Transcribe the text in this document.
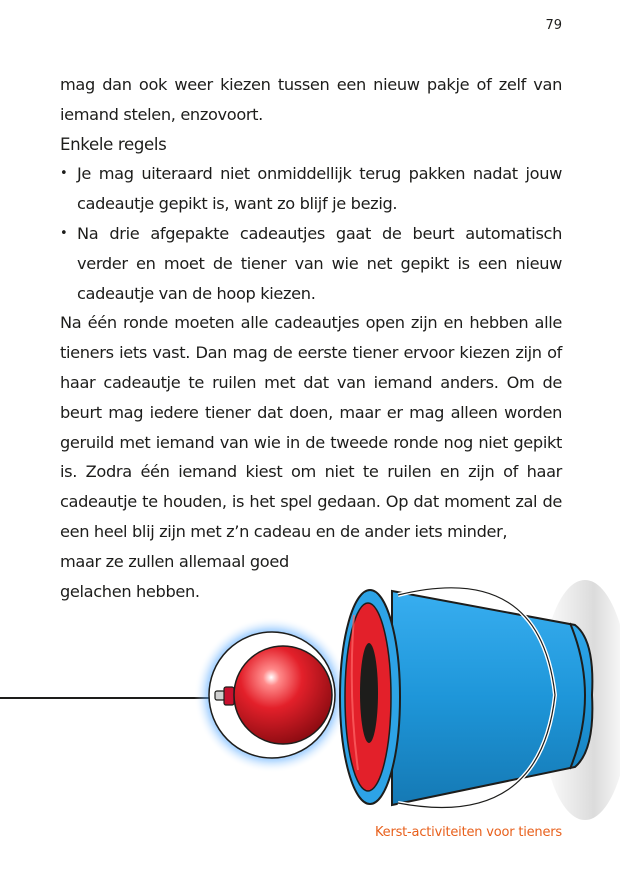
79

mag dan ook weer kiezen tussen een nieuw pakje of zelf van iemand stelen, enzovoort.

Enkele regels

• Je mag uiteraard niet onmiddellijk terug pakken nadat jouw cadeautje gepikt is, want zo blijf je bezig.
• Na drie afgepakte cadeautjes gaat de beurt automatisch verder en moet de tiener van wie net gepikt is een nieuw cadeautje van de hoop kiezen.

Na één ronde moeten alle cadeautjes open zijn en hebben alle tieners iets vast. Dan mag de eerste tiener ervoor kiezen zijn of haar cadeautje te ruilen met dat van iemand anders. Om de beurt mag iedere tiener dat doen, maar er mag alleen worden geruild met iemand van wie in de tweede ronde nog niet gepikt is. Zodra één iemand kiest om niet te ruilen en zijn of haar cadeautje te houden, is het spel gedaan. Op dat moment zal de een heel blij zijn met z’n cadeau en de ander iets minder,

maar ze zullen allemaal goed

gelachen hebben.

Kerst-activiteiten voor tieners
